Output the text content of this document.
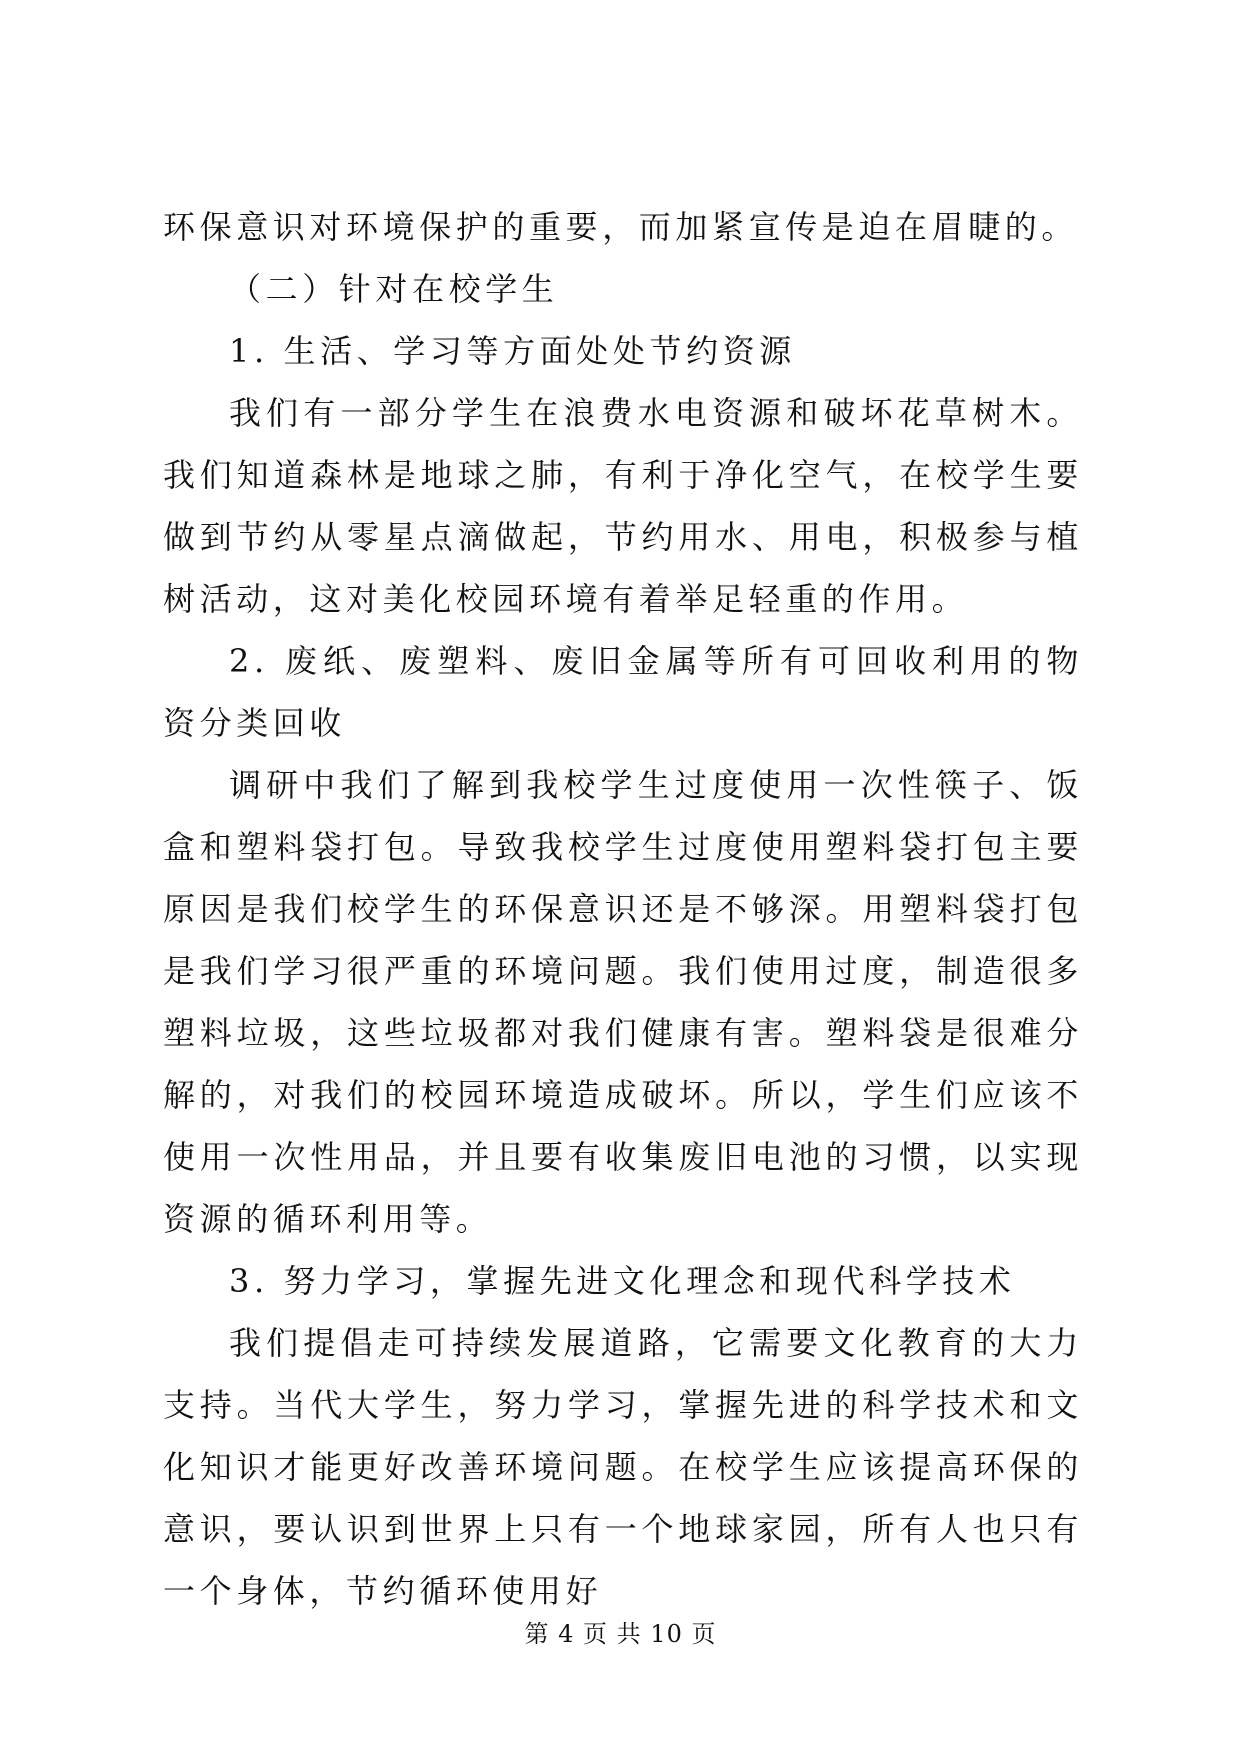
环保意识对环境保护的重要，而加紧宣传是迫在眉睫的。

（二）针对在校学生

1. 生活、学习等方面处处节约资源

我们有一部分学生在浪费水电资源和破坏花草树木。我们知道森林是地球之肺，有利于净化空气，在校学生要做到节约从零星点滴做起，节约用水、用电，积极参与植树活动，这对美化校园环境有着举足轻重的作用。

2. 废纸、废塑料、废旧金属等所有可回收利用的物资分类回收

调研中我们了解到我校学生过度使用一次性筷子、饭盒和塑料袋打包。导致我校学生过度使用塑料袋打包主要原因是我们校学生的环保意识还是不够深。用塑料袋打包是我们学习很严重的环境问题。我们使用过度，制造很多塑料垃圾，这些垃圾都对我们健康有害。塑料袋是很难分解的，对我们的校园环境造成破坏。所以，学生们应该不使用一次性用品，并且要有收集废旧电池的习惯，以实现资源的循环利用等。

3. 努力学习，掌握先进文化理念和现代科学技术

我们提倡走可持续发展道路，它需要文化教育的大力支持。当代大学生，努力学习，掌握先进的科学技术和文化知识才能更好改善环境问题。在校学生应该提高环保的意识，要认识到世界上只有一个地球家园，所有人也只有一个身体，节约循环使用好

第 4 页 共 10 页
